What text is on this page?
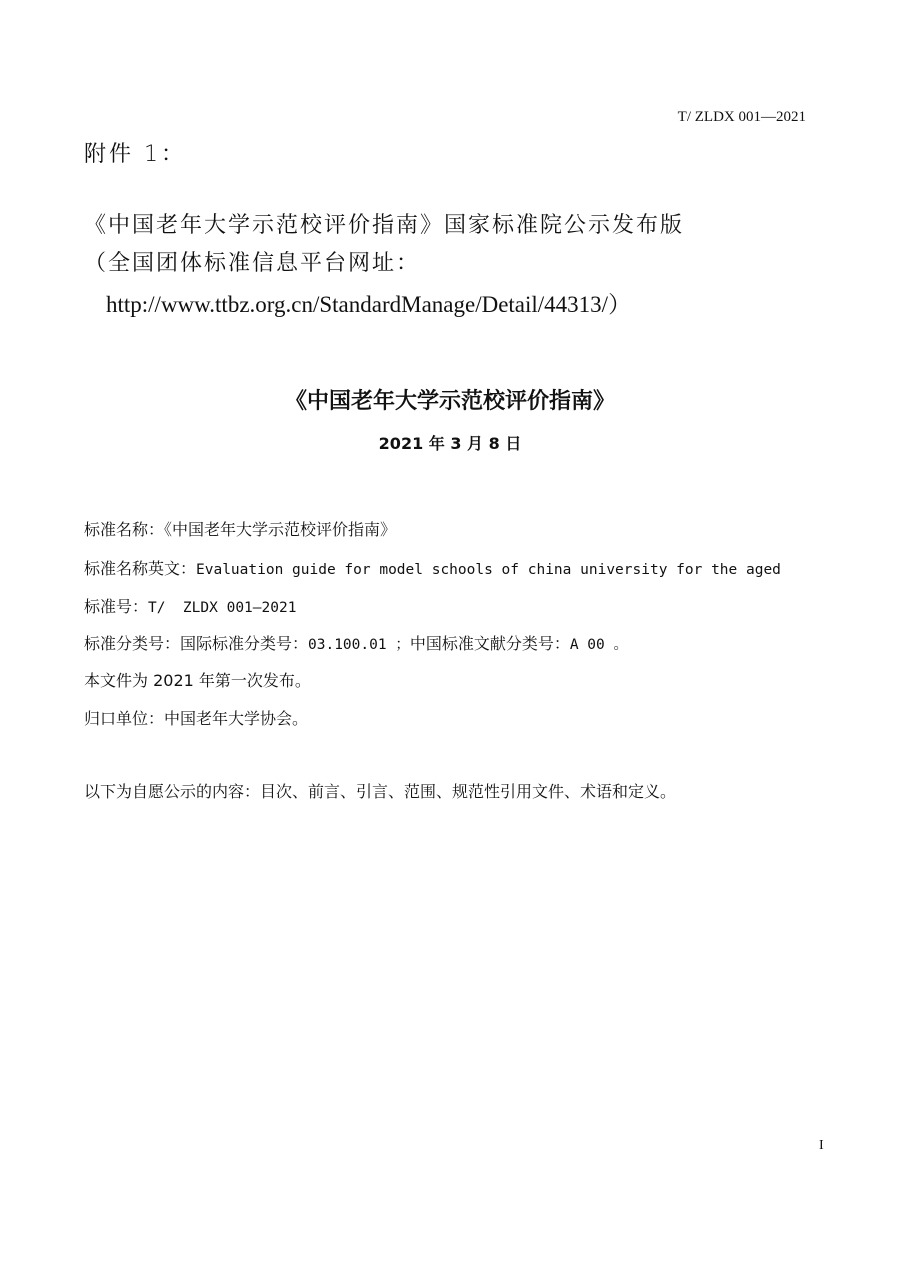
T/ ZLDX 001—2021
附件 1：
《中国老年大学示范校评价指南》国家标准院公示发布版
（全国团体标准信息平台网址：
http://www.ttbz.org.cn/StandardManage/Detail/44313/）
《中国老年大学示范校评价指南》
2021 年 3 月 8 日
标准名称：《中国老年大学示范校评价指南》
标准名称英文：Evaluation guide for model schools of china university for the aged
标准号：T/  ZLDX 001—2021
标准分类号：国际标准分类号：03.100.01 ；中国标准文献分类号：A 00 。
本文件为 2021 年第一次发布。
归口单位：中国老年大学协会。
以下为自愿公示的内容：目次、前言、引言、范围、规范性引用文件、术语和定义。
I
